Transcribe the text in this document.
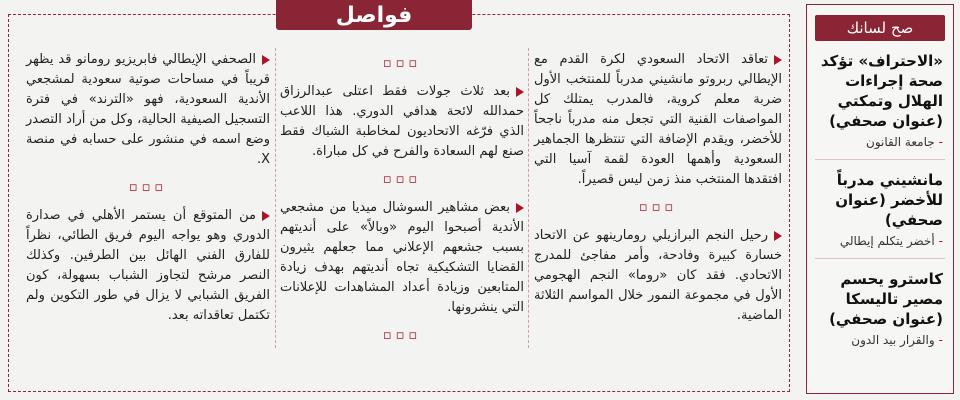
فواصل

تعاقد الاتحاد السعودي لكرة القدم مع الإيطالي ربروتو مانشيني مدرباً للمنتخب الأول ضربة معلم كروية، فالمدرب يمتلك كل المواصفات الفنية التي تجعل منه مدرباً ناجحاً للأخضر، ويقدم الإضافة التي تنتظرها الجماهير السعودية وأهمها العودة لقمة آسيا التي افتقدها المنتخب منذ زمن ليس قصيراً.

▫▫▫

رحيل النجم البرازيلي رومارينهو عن الاتحاد خسارة كبيرة وفادحة، وأمر مفاجئ للمدرج الاتحادي. فقد كان «روما» النجم الهجومي الأول في مجموعة النمور خلال المواسم الثلاثة الماضية.

▫▫▫

بعد ثلاث جولات فقط اعتلى عبدالرزاق حمدالله لائحة هدافي الدوري. هذا اللاعب الذي فرّغه الاتحاديون لمخاطبة الشباك فقط صنع لهم السعادة والفرح في كل مباراة.

▫▫▫

بعض مشاهير السوشال ميديا من مشجعي الأندية أصبحوا اليوم «وبالاً» على أنديتهم بسبب جشعهم الإعلاني مما جعلهم يثيرون القضايا التشكيكية تجاه أنديتهم بهدف زيادة المتابعين وزيادة أعداد المشاهدات للإعلانات التي ينشرونها.

▫▫▫

الصحفي الإيطالي فابريزيو رومانو قد يظهر قريباً في مساحات صوتية سعودية لمشجعي الأندية السعودية، فهو «الترند» في فترة التسجيل الصيفية الحالية، وكل من أراد التصدر وضع اسمه في منشور على حسابه في منصة X.

▫▫▫

من المتوقع أن يستمر الأهلي في صدارة الدوري وهو يواجه اليوم فريق الطائي، نظراً للفارق الفني الهائل بين الطرفين. وكذلك النصر مرشح لتجاوز الشباب بسهولة، كون الفريق الشبابي لا يزال في طور التكوين ولم تكتمل تعاقداته بعد.

صح لسانك

«الاحتراف» تؤكد صحة إجراءات الهلال وتمكتي (عنوان صحفي)

-جامعة القانون

مانشيني مدرباً للأخضر (عنوان صحفي)

-أخضر يتكلم إيطالي

كاسترو يحسم مصير تاليسكا (عنوان صحفي)

-والقرار بيد الدون
